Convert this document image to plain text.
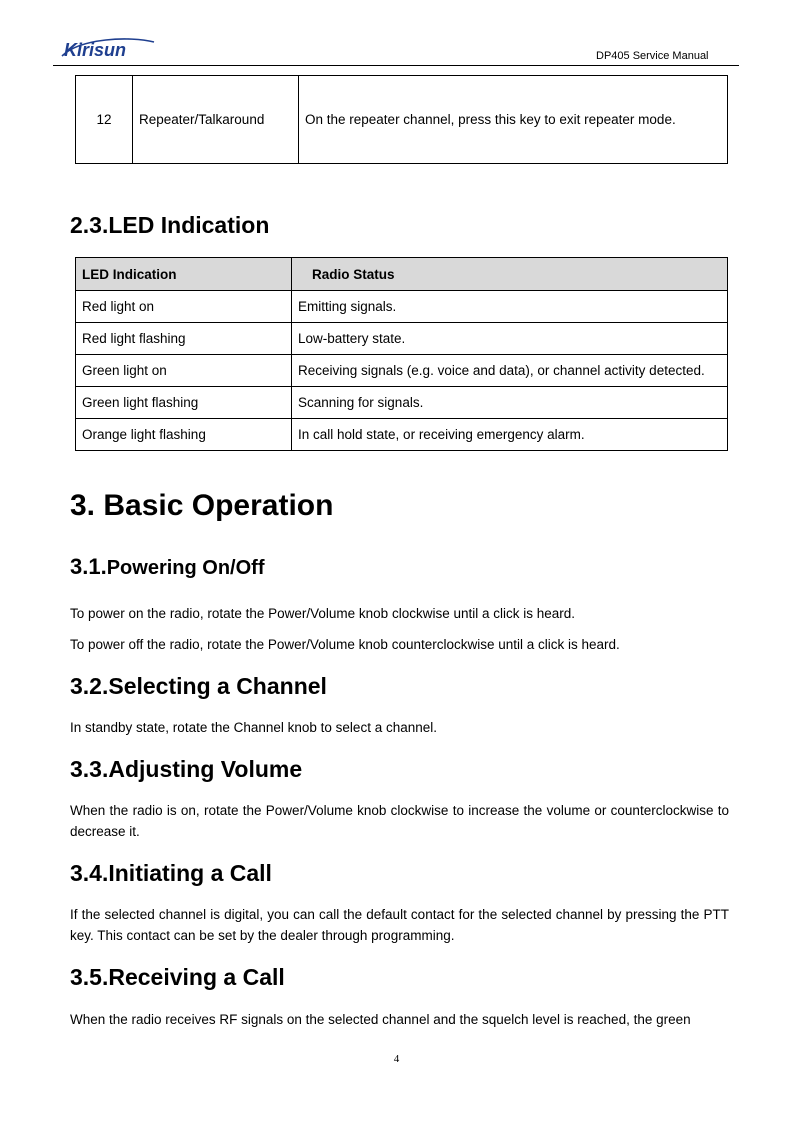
Kirisun	DP405 Service Manual
12	Repeater/Talkaround	On the repeater channel, press this key to exit repeater mode.
2.3.LED Indication
LED Indication	Radio Status
Red light on	Emitting signals.
Red light flashing	Low-battery state.
Green light on	Receiving signals (e.g. voice and data), or channel activity detected.
Green light flashing	Scanning for signals.
Orange light flashing	In call hold state, or receiving emergency alarm.
3. Basic Operation
3.1.Powering On/Off

To power on the radio, rotate the Power/Volume knob clockwise until a click is heard.

To power off the radio, rotate the Power/Volume knob counterclockwise until a click is heard.

3.2.Selecting a Channel

In standby state, rotate the Channel knob to select a channel.

3.3.Adjusting Volume

When the radio is on, rotate the Power/Volume knob clockwise to increase the volume or counterclockwise to decrease it.

3.4.Initiating a Call

If the selected channel is digital, you can call the default contact for the selected channel by pressing the PTT key. This contact can be set by the dealer through programming.

3.5.Receiving a Call

When the radio receives RF signals on the selected channel and the squelch level is reached, the green

4
